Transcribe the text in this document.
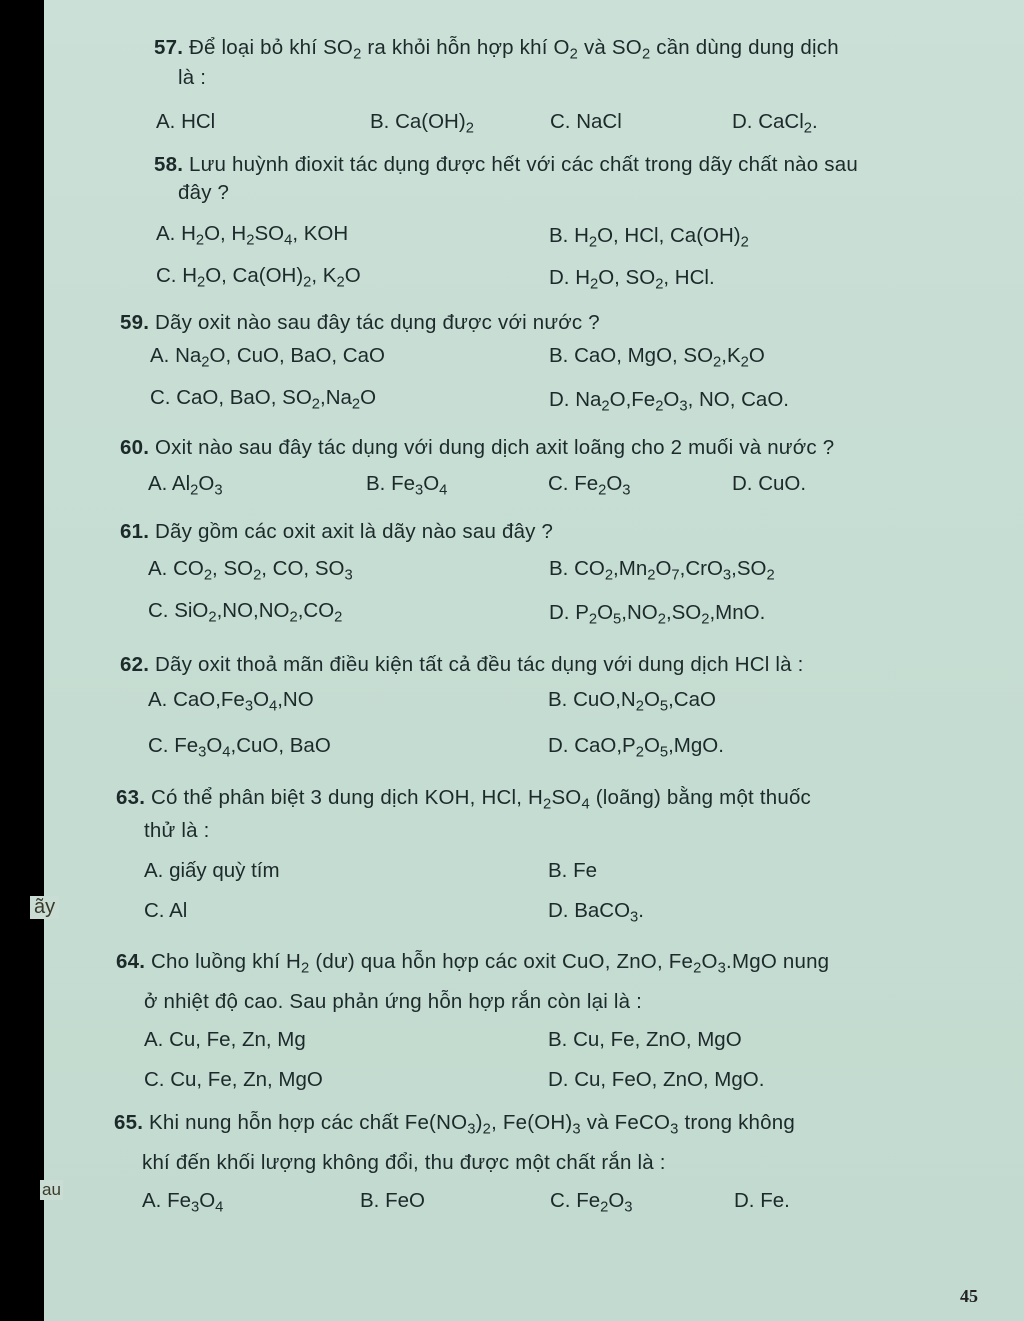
57. Để loại bỏ khí $SO_2$ ra khỏi hỗn hợp khí $O_2$ và $SO_2$ cần dùng dung dịch
là :
A. HCl	B. $Ca(OH)_2$	C. NaCl	D. CaCl$_2$.
58. Lưu huỳnh đioxit tác dụng được hết với các chất trong dãy chất nào sau
đây ?
A. $H_2O$, $H_2SO_4$, KOH	B. $H_2O$, HCl, $Ca(OH)_2$
C. $H_2O$, $Ca(OH)_2$, $K_2O$	D. $H_2O$, $SO_2$, HCl.
59. Dãy oxit nào sau đây tác dụng được với nước ?
A. $Na_2O$, CuO, BaO, CaO	B. CaO, MgO, $SO_2,K_2O$
C. CaO, BaO, $SO_2,Na_2O$	D. $Na_2O,Fe_2O_3$, NO, CaO.
60. Oxit nào sau đây tác dụng với dung dịch axit loãng cho 2 muối và nước ?
A. $Al_2O_3$	B. $Fe_3O_4$	C. $Fe_2O_3$	D. CuO.
61. Dãy gồm các oxit axit là dãy nào sau đây ?
A. $CO_2$, $SO_2$, CO, $SO_3$	B. $CO_2,Mn_2O_7,CrO_3,SO_2$
C. $SiO_2,NO,NO_2,CO_2$	D. $P_2O_5,NO_2,SO_2,MnO$.
62. Dãy oxit thoả mãn điều kiện tất cả đều tác dụng với dung dịch HCl là :
A. $CaO,Fe_3O_4,NO$	B. $CuO,N_2O_5,CaO$
C. $Fe_3O_4,CuO$, BaO	D. $CaO,P_2O_5,MgO$.
63. Có thể phân biệt 3 dung dịch KOH, HCl, $H_2SO_4$ (loãng) bằng một thuốc
thử là :
A. giấy quỳ tím	B. Fe
C. Al	D. BaCO$_3$.
64. Cho luồng khí $H_2$ (dư) qua hỗn hợp các oxit CuO, ZnO, $Fe_2O_3.MgO$ nung
ở nhiệt độ cao. Sau phản ứng hỗn hợp rắn còn lại là :
A. Cu, Fe, Zn, Mg	B. Cu, Fe, ZnO, MgO
C. Cu, Fe, Zn, MgO	D. Cu, FeO, ZnO, MgO.
65. Khi nung hỗn hợp các chất $Fe(NO_3)_2$, $Fe(OH)_3$ và FeCO$_3$ trong không
khí đến khối lượng không đổi, thu được một chất rắn là :
A. $Fe_3O_4$	B. FeO	C. $Fe_2O_3$	D. Fe.
45
ãy
au
